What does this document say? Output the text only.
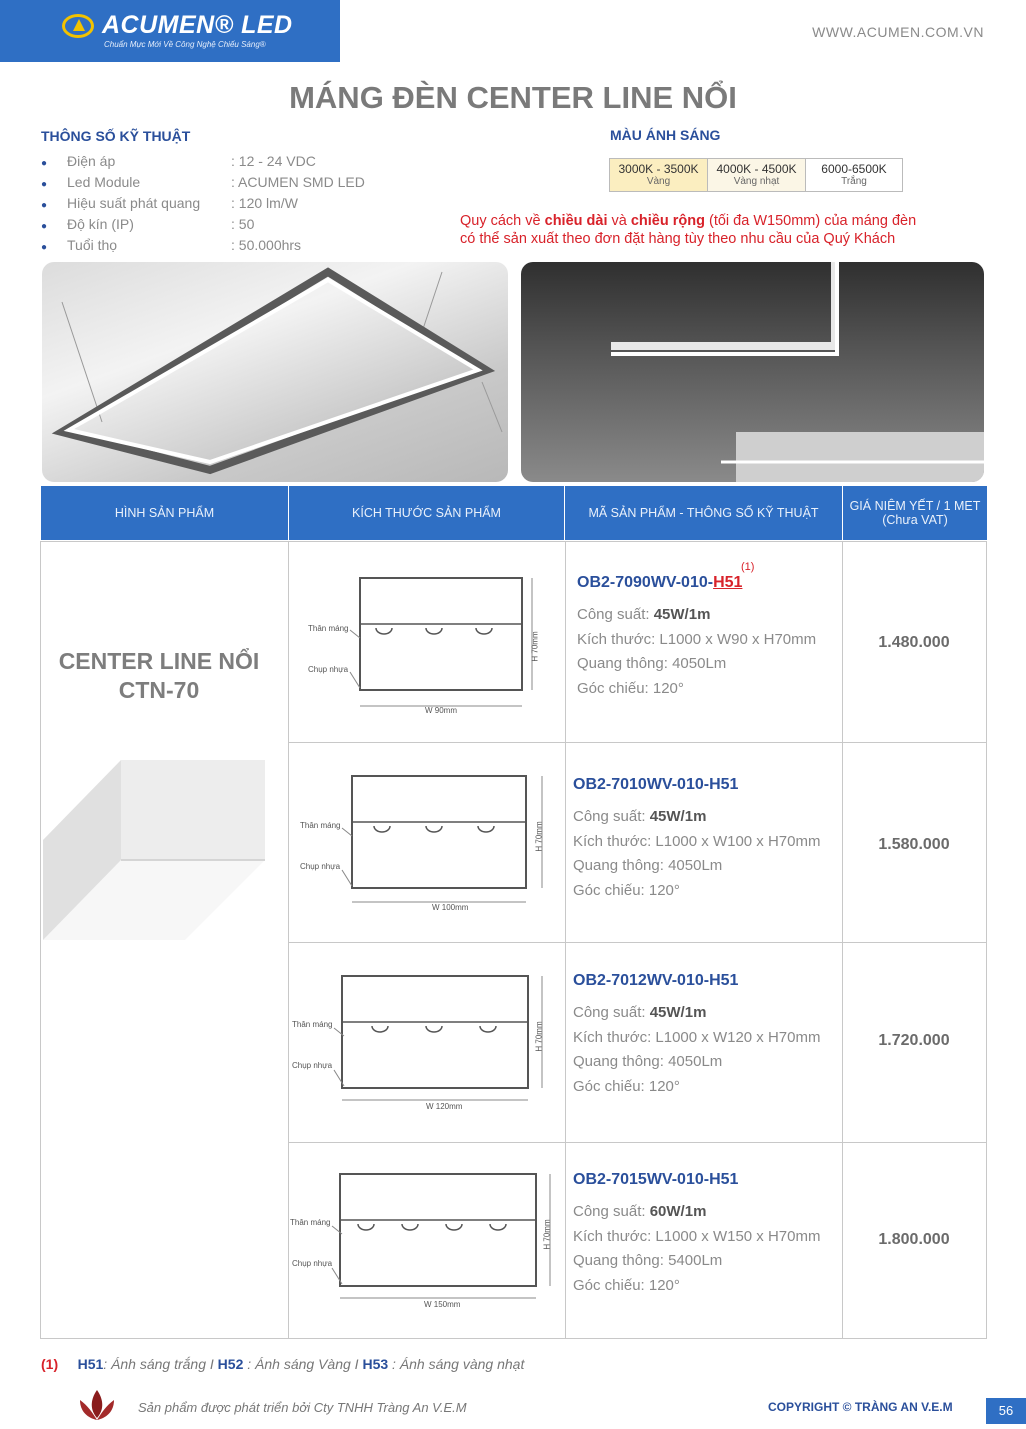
ACUMEN® LED
Chuẩn Mực Mới Về Công Nghệ Chiếu Sáng®
WWW.ACUMEN.COM.VN
MÁNG ĐÈN CENTER LINE NỔI
THÔNG SỐ KỸ THUẬT
● Điện áp	: 12 - 24 VDC
● Led Module	: ACUMEN SMD LED
● Hiệu suất phát quang : 120 lm/W
● Độ kín (IP)	: 50
● Tuổi thọ	: 50.000hrs
MÀU ÁNH SÁNG
3000K - 3500K
Vàng
4000K - 4500K
Vàng nhạt
6000-6500K
Trắng
Quy cách về chiều dài và chiều rộng (tối đa W150mm) của máng đèn
có thể sản xuất theo đơn đặt hàng tùy theo nhu cầu của Quý Khách
HÌNH SẢN PHẨM	KÍCH THƯỚC SẢN PHẨM	MÃ SẢN PHẨM - THÔNG SỐ KỸ THUẬT	GIÁ NIÊM YẾT / 1 MET
(Chưa VAT)
CENTER LINE NỔI
CTN-70
Thân máng
Chụp nhựa
W 90mm
H 70mm
OB2-7090WV-010-H51
(1)
Công suất: 45W/1m
Kích thước: L1000 x W90 x H70mm
Quang thông: 4050Lm
Góc chiếu: 120°
1.480.000
Thân máng
Chụp nhựa
W 100mm
H 70mm
OB2-7010WV-010-H51
Công suất: 45W/1m
Kích thước: L1000 x W100 x H70mm
Quang thông: 4050Lm
Góc chiếu: 120°
1.580.000
Thân máng
Chụp nhựa
W 120mm
H 70mm
OB2-7012WV-010-H51
Công suất: 45W/1m
Kích thước: L1000 x W120 x H70mm
Quang thông: 4050Lm
Góc chiếu: 120°
1.720.000
Thân máng
Chụp nhựa
W 150mm
H 70mm
OB2-7015WV-010-H51
Công suất: 60W/1m
Kích thước: L1000 x W150 x H70mm
Quang thông: 5400Lm
Góc chiếu: 120°
1.800.000
(1) H51: Ánh sáng trắng I H52 : Ánh sáng Vàng I H53 : Ánh sáng vàng nhạt
Sản phẩm được phát triển bởi Cty TNHH Tràng An V.E.M	COPYRIGHT © TRÀNG AN V.E.M	56
